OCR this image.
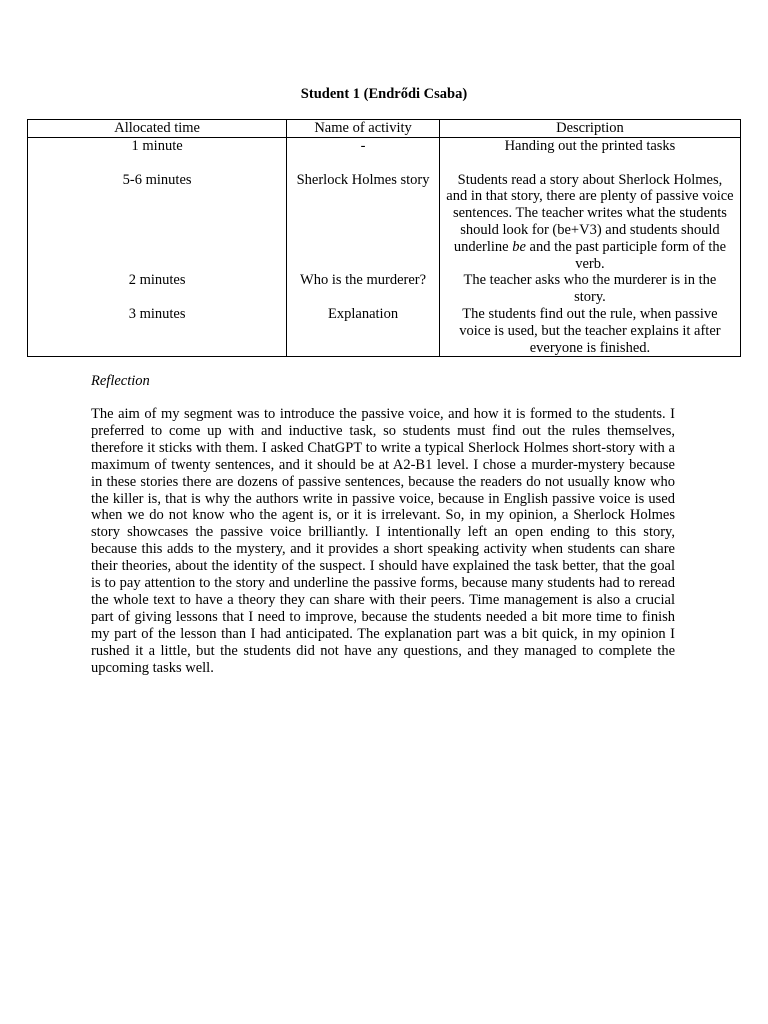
Student 1 (Endrődi Csaba)
Allocated time	Name of activity	Description
1 minute	-	Handing out the printed tasks

5-6 minutes	Sherlock Holmes story	Students read a story about Sherlock Holmes, and in that story, there are plenty of passive voice sentences. The teacher writes what the students should look for (be+V3) and students should underline be and the past participle form of the verb.
2 minutes	Who is the murderer?	The teacher asks who the murderer is in the story.
3 minutes	Explanation	The students find out the rule, when passive voice is used, but the teacher explains it after everyone is finished.
Reflection

The aim of my segment was to introduce the passive voice, and how it is formed to the students. I preferred to come up with and inductive task, so students must find out the rules themselves, therefore it sticks with them. I asked ChatGPT to write a typical Sherlock Holmes short-story with a maximum of twenty sentences, and it should be at A2-B1 level. I chose a murder-mystery because in these stories there are dozens of passive sentences, because the readers do not usually know who the killer is, that is why the authors write in passive voice, because in English passive voice is used when we do not know who the agent is, or it is irrelevant. So, in my opinion, a Sherlock Holmes story showcases the passive voice brilliantly. I intentionally left an open ending to this story, because this adds to the mystery, and it provides a short speaking activity when students can share their theories, about the identity of the suspect. I should have explained the task better, that the goal is to pay attention to the story and underline the passive forms, because many students had to reread the whole text to have a theory they can share with their peers. Time management is also a crucial part of giving lessons that I need to improve, because the students needed a bit more time to finish my part of the lesson than I had anticipated. The explanation part was a bit quick, in my opinion I rushed it a little, but the students did not have any questions, and they managed to complete the upcoming tasks well.
